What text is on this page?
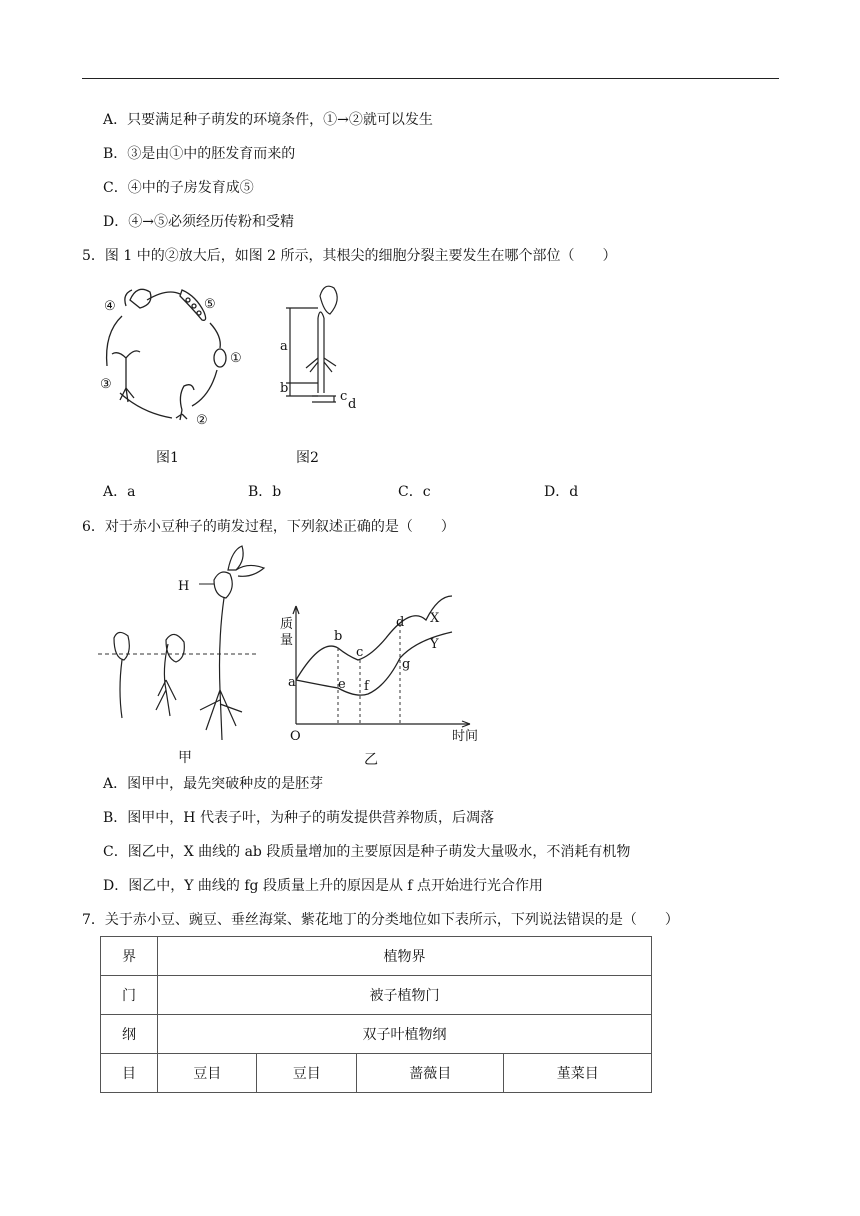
A．只要满足种子萌发的环境条件，①→②就可以发生
B．③是由①中的胚发育而来的
C．④中的子房发育成⑤
D．④→⑤必须经历传粉和受精
5．图 1 中的②放大后，如图 2 所示，其根尖的细胞分裂主要发生在哪个部位（　　）
④	⑤
①
②
③
图1
a
b
c
d
图2
A．a	B．b	C．c	D．d
6．对于赤小豆种子的萌发过程，下列叙述正确的是（　　）
H
甲
质
量
a
b
c
d
e f
g
X
Y
O	时间
乙
A．图甲中，最先突破种皮的是胚芽
B．图甲中，H 代表子叶，为种子的萌发提供营养物质，后凋落
C．图乙中，X 曲线的 ab 段质量增加的主要原因是种子萌发大量吸水，不消耗有机物
D．图乙中，Y 曲线的 fg 段质量上升的原因是从 f 点开始进行光合作用
7．关于赤小豆、豌豆、垂丝海棠、紫花地丁的分类地位如下表所示，下列说法错误的是（　　）
界	植物界			
门	被子植物门			
纲	双子叶植物纲			
目	豆目	豆目	蔷薇目	堇菜目
